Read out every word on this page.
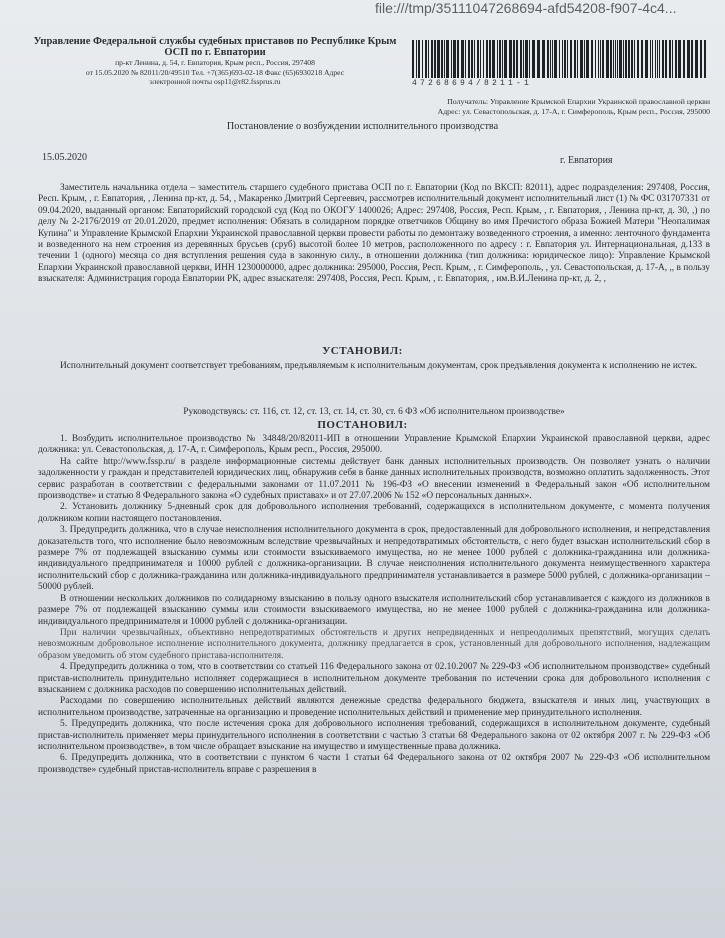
file:///tmp/35111047268694-afd54208-f907-4c4...
Управление Федеральной службы судебных приставов по Республике Крым
ОСП по г. Евпатории
пр-кт Ленина, д. 54, г. Евпатория, Крым респ., Россия, 297408
от 15.05.2020 № 82011/20/49510 Тел. +7(365)693-02-18 Факс (65)6930218 Адрес
электронной почты osp11@r82.fssprus.ru	47268694/8211-1
Получатель: Управление Крымской Епархии Украинской православной церкви
Адрес: ул. Севастопольская, д. 17-А, г. Симферополь, Крым респ., Россия, 295000
Постановление о возбуждении исполнительного производства
15.05.2020	г. Евпатория

Заместитель начальника отдела – заместитель старшего судебного пристава ОСП по г. Евпатории (Код по ВКСП: 82011), адрес подразделения: 297408, Россия, Респ. Крым, , г. Евпатория, , Ленина пр-кт, д. 54, , Макаренко Дмитрий Сергеевич, рассмотрев исполнительный документ исполнительный лист (1) № ФС 031707331 от 09.04.2020, выданный органом: Евпаторийский городской суд (Код по ОКОГУ 1400026; Адрес: 297408, Россия, Респ. Крым, , г. Евпатория, , Ленина пр-кт, д. 30, ,) по делу № 2-2176/2019 от 20.01.2020, предмет исполнения: Обязать в солидарном порядке ответчиков Общину во имя Пречистого образа Божией Матери "Неопалимая Купина" и Управление Крымской Епархии Украинской православной церкви провести работы по демонтажу возведенного строения, а именно: ленточного фундамента и возведенного на нем строения из деревянных брусьев (сруб) высотой более 10 метров, расположенного по адресу : г. Евпатория ул. Интернациональная, д.133 в течении 1 (одного) месяца со дня вступления решения суда в законную силу., в отношении должника (тип должника: юридическое лицо): Управление Крымской Епархии Украинской православной церкви, ИНН 1230000000, адрес должника: 295000, Россия, Респ. Крым, , г. Симферополь, , ул. Севастопольская, д. 17-А, ,, в пользу взыскателя: Администрация города Евпатории РК, адрес взыскателя: 297408, Россия, Респ. Крым, , г. Евпатория, , им.В.И.Ленина пр-кт, д. 2, ,

УСТАНОВИЛ:

Исполнительный документ соответствует требованиям, предъявляемым к исполнительным документам, срок предъявления документа к исполнению не истек.

Руководствуясь: ст. 116, ст. 12, ст. 13, ст. 14, ст. 30, ст. 6 ФЗ «Об исполнительном производстве»
ПОСТАНОВИЛ:

1. Возбудить исполнительное производство № 34848/20/82011-ИП в отношении Управление Крымской Епархии Украинской православной церкви, адрес должника: ул. Севастопольская, д. 17-А, г. Симферополь, Крым респ., Россия, 295000.

На сайте http://www.fssp.ru/ в разделе информационные системы действует банк данных исполнительных производств. Он позволяет узнать о наличии задолженности у граждан и представителей юридических лиц, обнаружив себя в банке данных исполнительных производств, возможно оплатить задолженность. Этот сервис разработан в соответствии с федеральными законами от 11.07.2011 № 196-ФЗ «О внесении изменений в Федеральный закон «Об исполнительном производстве» и статью 8 Федерального закона «О судебных приставах» и от 27.07.2006 № 152 «О персональных данных».

2. Установить должнику 5-дневный срок для добровольного исполнения требований, содержащихся в исполнительном документе, с момента получения должником копии настоящего постановления.

3. Предупредить должника, что в случае неисполнения исполнительного документа в срок, предоставленный для добровольного исполнения, и непредставления доказательств того, что исполнение было невозможным вследствие чрезвычайных и непредотвратимых обстоятельств, с него будет взыскан исполнительский сбор в размере 7% от подлежащей взысканию суммы или стоимости взыскиваемого имущества, но не менее 1000 рублей с должника-гражданина или должника-индивидуального предпринимателя и 10000 рублей с должника-организации. В случае неисполнения исполнительного документа неимущественного характера исполнительский сбор с должника-гражданина или должника-индивидуального предпринимателя устанавливается в размере 5000 рублей, с должника-организации – 50000 рублей.

В отношении нескольких должников по солидарному взысканию в пользу одного взыскателя исполнительский сбор устанавливается с каждого из должников в размере 7% от подлежащей взысканию суммы или стоимости взыскиваемого имущества, но не менее 1000 рублей с должника-гражданина или должника-индивидуального предпринимателя и 10000 рублей с должника-организации.

При наличии чрезвычайных, объективно непредотвратимых обстоятельств и других непредвиденных и непреодолимых препятствий, могущих сделать невозможным добровольное исполнение исполнительного документа, должнику предлагается в срок, установленный для добровольного исполнения, надлежащим образом уведомить об этом судебного пристава-исполнителя.

4. Предупредить должника о том, что в соответствии со статьей 116 Федерального закона от 02.10.2007 № 229-ФЗ «Об исполнительном производстве» судебный пристав-исполнитель принудительно исполняет содержащиеся в исполнительном документе требования по истечении срока для добровольного исполнения с взысканием с должника расходов по совершению исполнительных действий.

Расходами по совершению исполнительных действий являются денежные средства федерального бюджета, взыскателя и иных лиц, участвующих в исполнительном производстве, затраченные на организацию и проведение исполнительных действий и применение мер принудительного исполнения.

5. Предупредить должника, что после истечения срока для добровольного исполнения требований, содержащихся в исполнительном документе, судебный пристав-исполнитель применяет меры принудительного исполнения в соответствии с частью 3 статьи 68 Федерального закона от 02 октября 2007 г. № 229-ФЗ «Об исполнительном производстве», в том числе обращает взыскание на имущество и имущественные права должника.

6. Предупредить должника, что в соответствии с пунктом 6 части 1 статьи 64 Федерального закона от 02 октября 2007 № 229-ФЗ «Об исполнительном производстве» судебный пристав-исполнитель вправе с разрешения в
